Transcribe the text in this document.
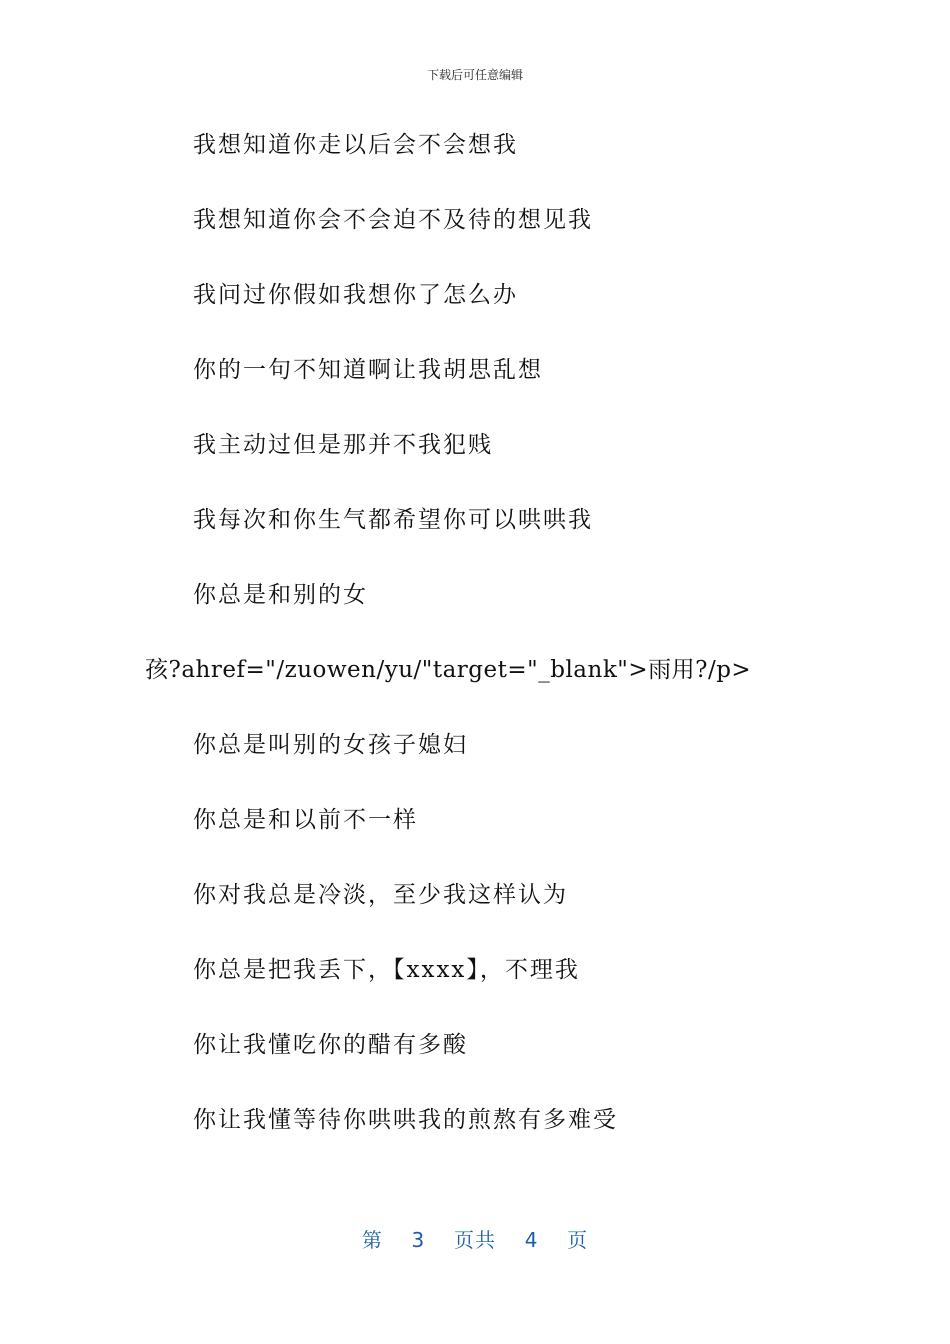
下载后可任意编辑
我想知道你走以后会不会想我
我想知道你会不会迫不及待的想见我
我问过你假如我想你了怎么办
你的一句不知道啊让我胡思乱想
我主动过但是那并不我犯贱
我每次和你生气都希望你可以哄哄我
你总是和别的女
孩?ahref="/zuowen/yu/"target="_blank">雨用?/p>
你总是叫别的女孩子媳妇
你总是和以前不一样
你对我总是冷淡，至少我这样认为
你总是把我丢下，【xxxx】，不理我
你让我懂吃你的醋有多酸
你让我懂等待你哄哄我的煎熬有多难受
第 3 页共 4 页
